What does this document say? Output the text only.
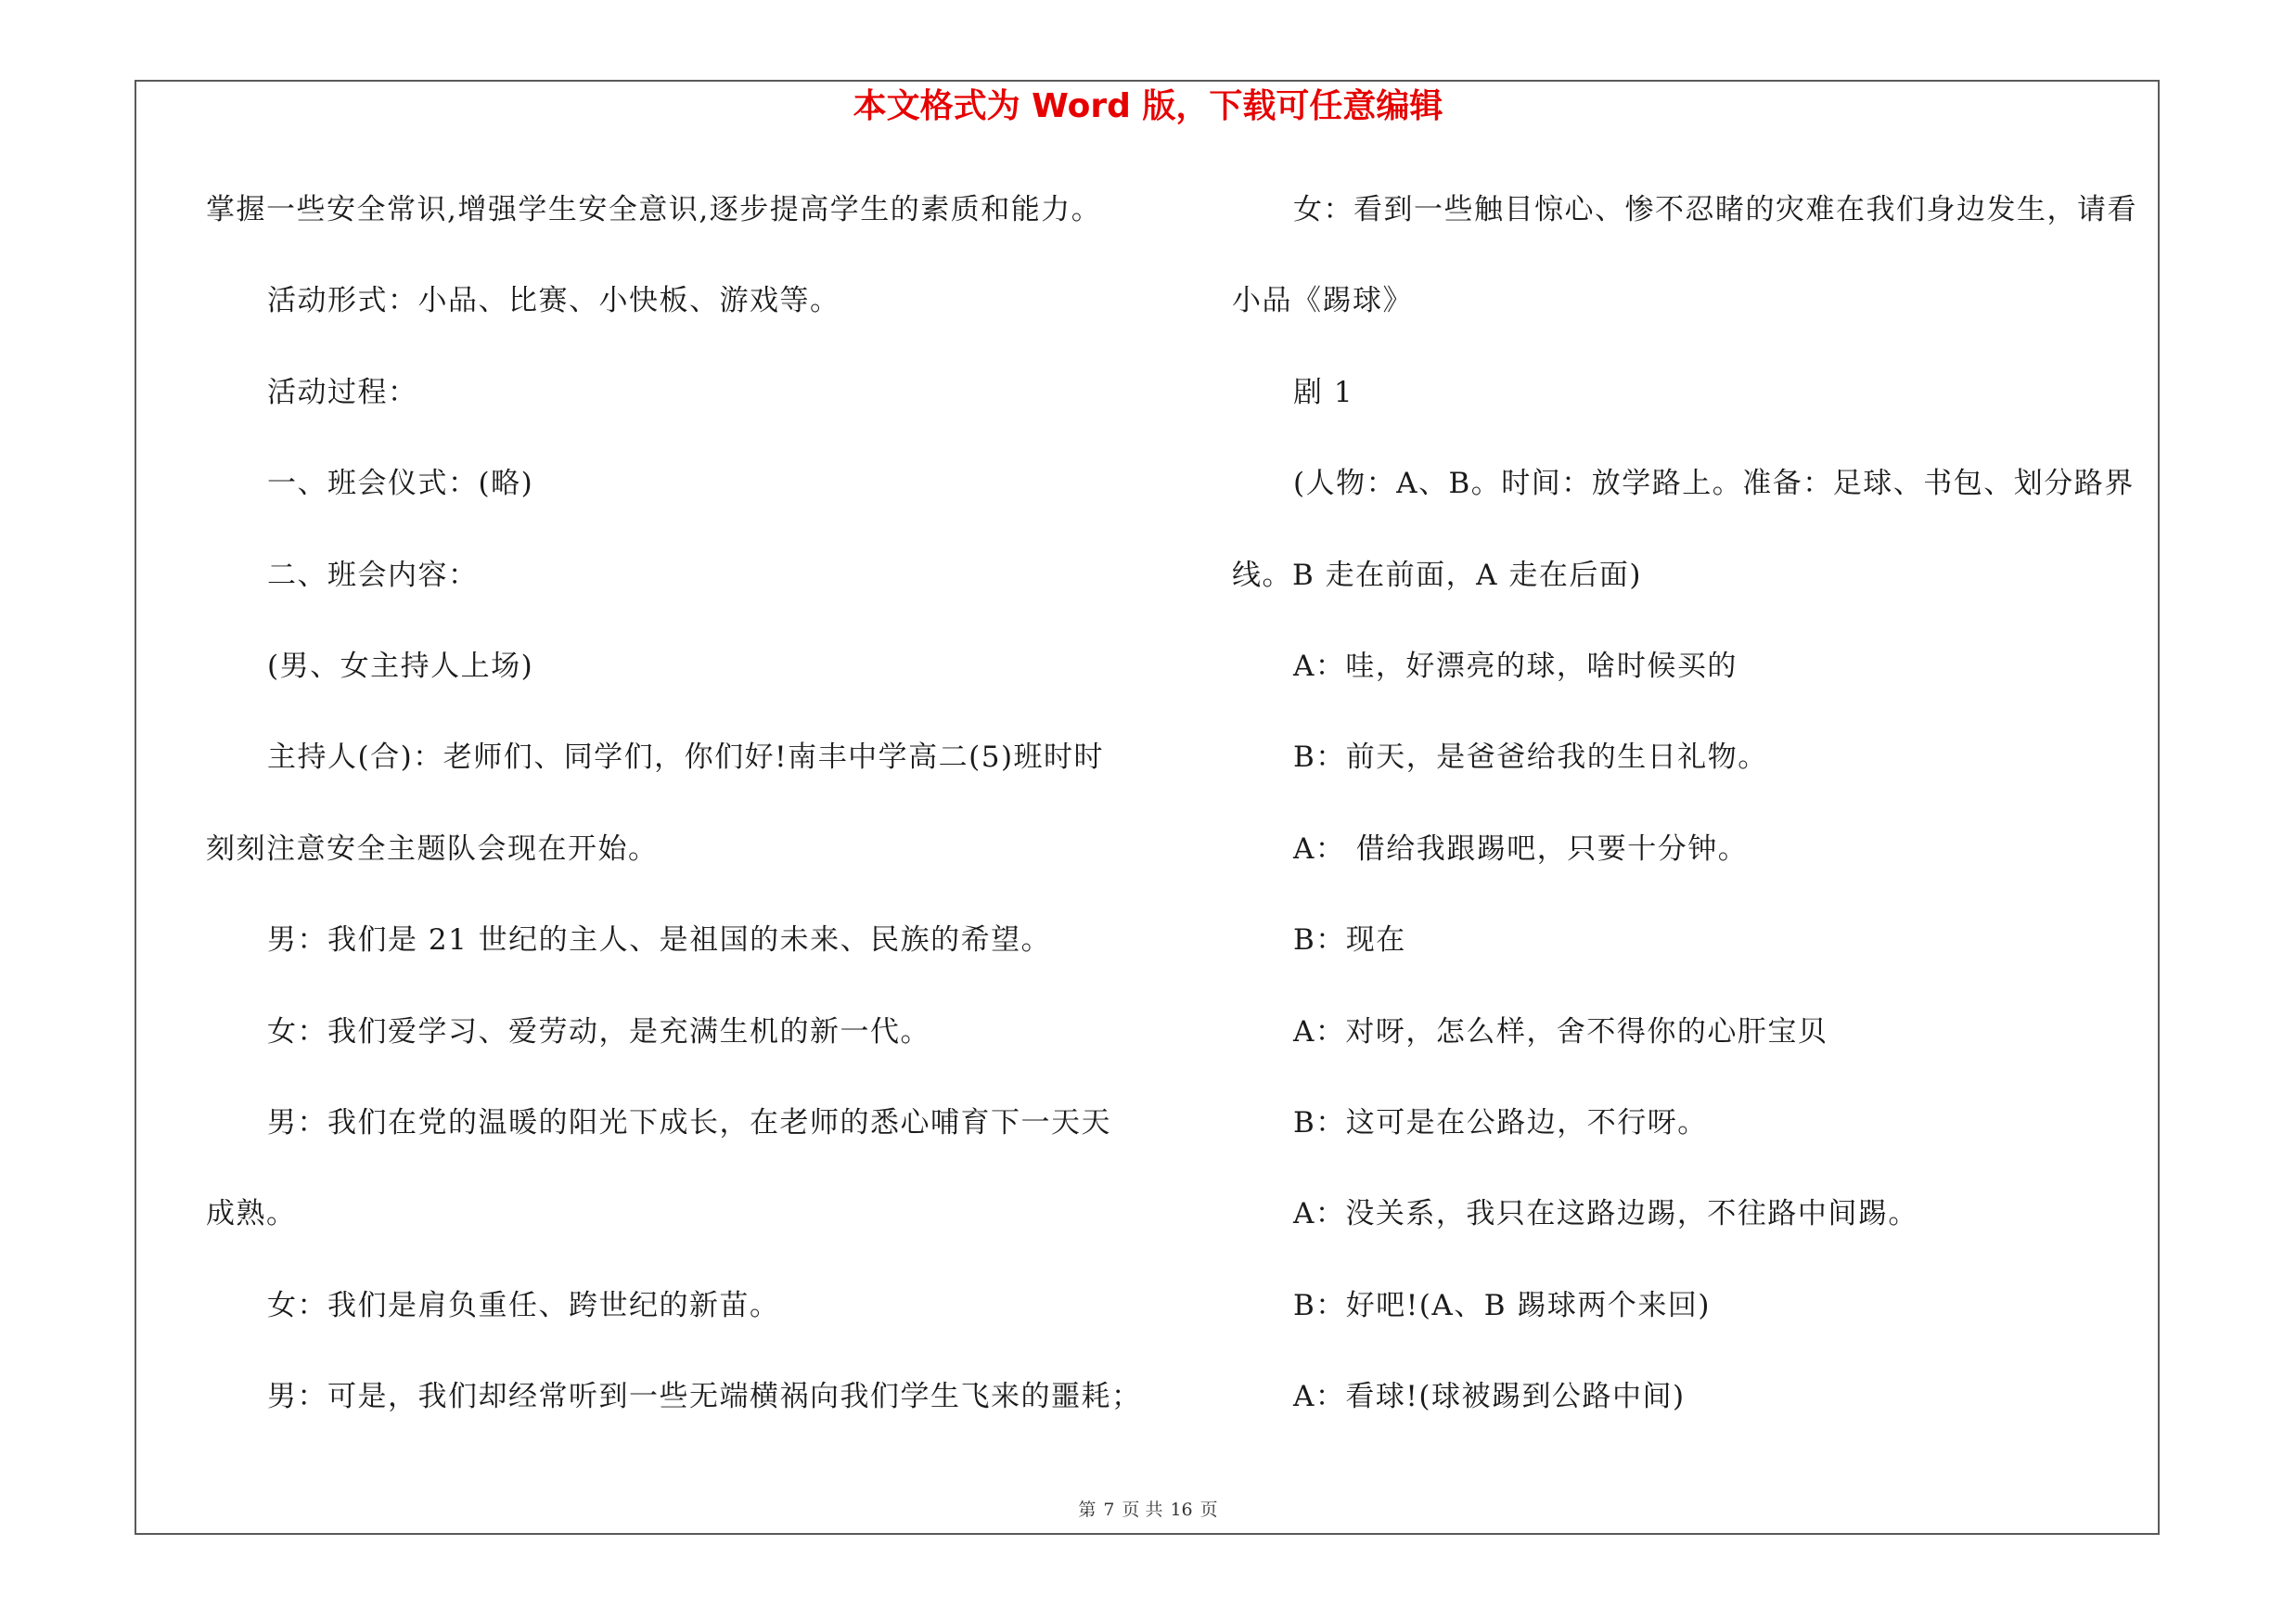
本文格式为 Word 版，下载可任意编辑
掌握一些安全常识,增强学生安全意识,逐步提高学生的素质和能力。
活动形式：小品、比赛、小快板、游戏等。
活动过程：
一、班会仪式：(略)
二、班会内容：
(男、女主持人上场)
主持人(合)：老师们、同学们，你们好!南丰中学高二(5)班时时
刻刻注意安全主题队会现在开始。
男：我们是 21 世纪的主人、是祖国的未来、民族的希望。
女：我们爱学习、爱劳动，是充满生机的新一代。
男：我们在党的温暖的阳光下成长，在老师的悉心哺育下一天天
成熟。
女：我们是肩负重任、跨世纪的新苗。
男：可是，我们却经常听到一些无端横祸向我们学生飞来的噩耗；
女：看到一些触目惊心、惨不忍睹的灾难在我们身边发生，请看
小品《踢球》
剧 1
(人物：A、B。时间：放学路上。准备：足球、书包、划分路界
线。B 走在前面，A 走在后面)
A：哇，好漂亮的球，啥时候买的
B：前天，是爸爸给我的生日礼物。
A： 借给我跟踢吧，只要十分钟。
B：现在
A：对呀，怎么样，舍不得你的心肝宝贝
B：这可是在公路边，不行呀。
A：没关系，我只在这路边踢，不往路中间踢。
B：好吧!(A、B 踢球两个来回)
A：看球!(球被踢到公路中间)
第 7 页 共 16 页
